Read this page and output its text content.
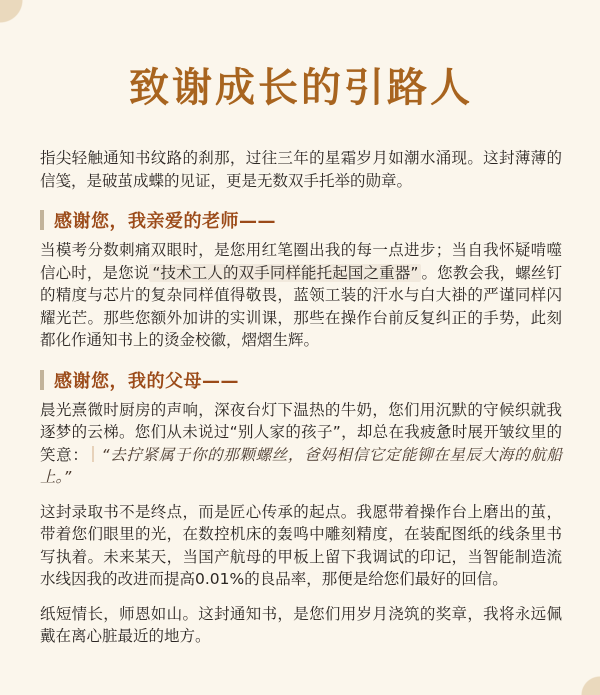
致谢成长的引路人

指尖轻触通知书纹路的刹那，过往三年的星霜岁月如潮水涌现。这封薄薄的信笺，是破茧成蝶的见证，更是无数双手托举的勋章。

感谢您，我亲爱的老师——

当模考分数刺痛双眼时，是您用红笔圈出我的每一点进步；当自我怀疑啃噬信心时，是您说 “技术工人的双手同样能托起国之重器” 。您教会我，螺丝钉的精度与芯片的复杂同样值得敬畏，蓝领工装的汗水与白大褂的严谨同样闪耀光芒。那些您额外加讲的实训课，那些在操作台前反复纠正的手势，此刻都化作通知书上的烫金校徽，熠熠生辉。

感谢您，我的父母——

晨光熹微时厨房的声响，深夜台灯下温热的牛奶，您们用沉默的守候织就我逐梦的云梯。您们从未说过“别人家的孩子”，却总在我疲惫时展开皱纹里的笑意： “去拧紧属于你的那颗螺丝，爸妈相信它定能铆在星辰大海的航船上。”

这封录取书不是终点，而是匠心传承的起点。我愿带着操作台上磨出的茧，带着您们眼里的光，在数控机床的轰鸣中雕刻精度，在装配图纸的线条里书写执着。未来某天，当国产航母的甲板上留下我调试的印记，当智能制造流水线因我的改进而提高0.01%的良品率，那便是给您们最好的回信。

纸短情长，师恩如山。这封通知书，是您们用岁月浇筑的奖章，我将永远佩戴在离心脏最近的地方。
